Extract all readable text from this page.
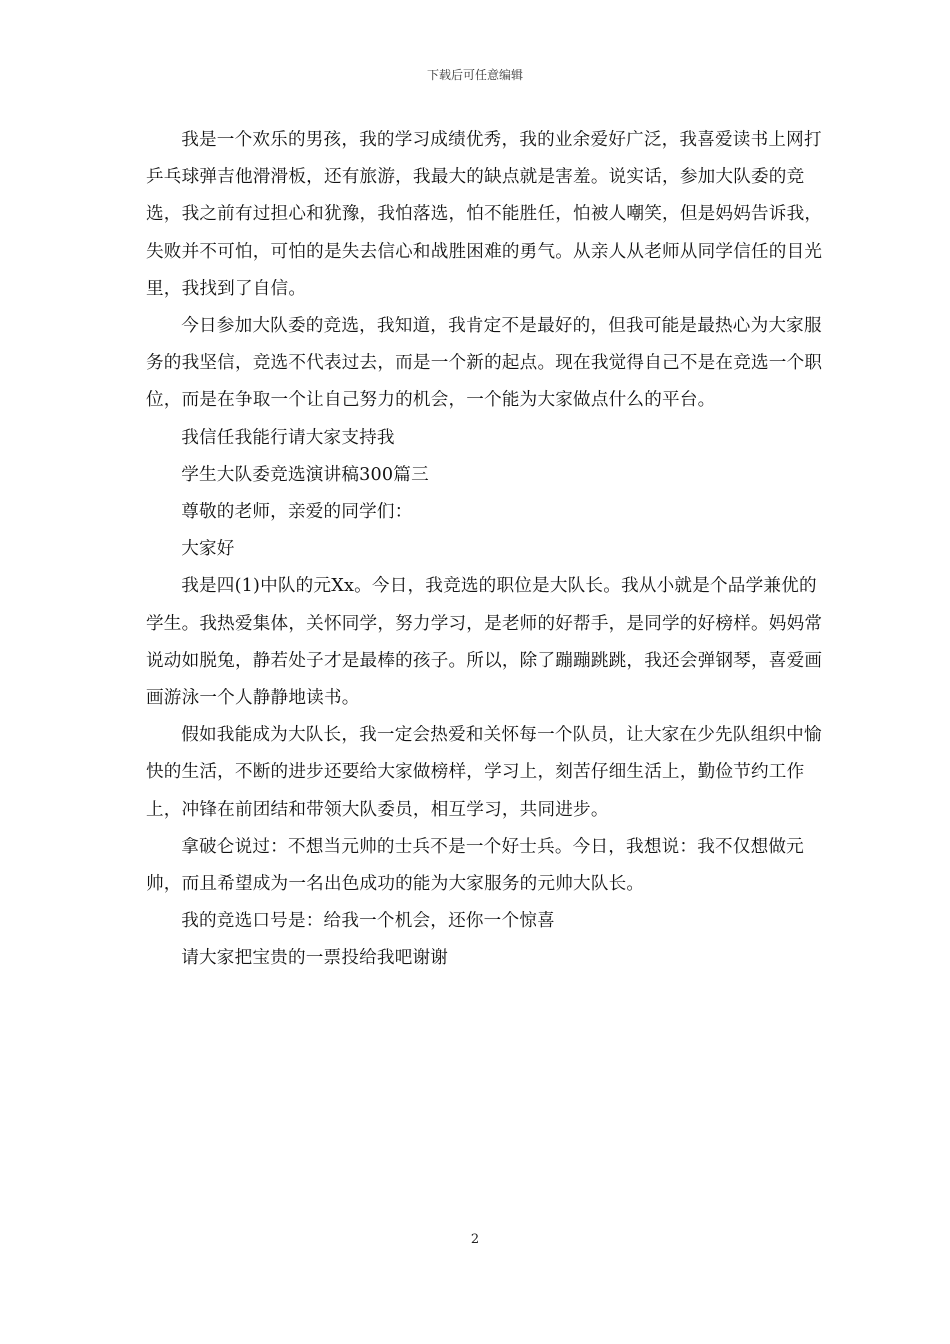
下载后可任意编辑

我是一个欢乐的男孩，我的学习成绩优秀，我的业余爱好广泛，我喜爱读书上网打乒乓球弹吉他滑滑板，还有旅游，我最大的缺点就是害羞。说实话，参加大队委的竞选，我之前有过担心和犹豫，我怕落选，怕不能胜任，怕被人嘲笑，但是妈妈告诉我，失败并不可怕，可怕的是失去信心和战胜困难的勇气。从亲人从老师从同学信任的目光里，我找到了自信。

今日参加大队委的竞选，我知道，我肯定不是最好的，但我可能是最热心为大家服务的我坚信，竞选不代表过去，而是一个新的起点。现在我觉得自己不是在竞选一个职位，而是在争取一个让自己努力的机会，一个能为大家做点什么的平台。

我信任我能行请大家支持我

学生大队委竞选演讲稿300篇三

尊敬的老师，亲爱的同学们：

大家好

我是四(1)中队的元Xx。今日，我竞选的职位是大队长。我从小就是个品学兼优的学生。我热爱集体，关怀同学，努力学习，是老师的好帮手，是同学的好榜样。妈妈常说动如脱兔，静若处子才是最棒的孩子。所以，除了蹦蹦跳跳，我还会弹钢琴，喜爱画画游泳一个人静静地读书。

假如我能成为大队长，我一定会热爱和关怀每一个队员，让大家在少先队组织中愉快的生活，不断的进步还要给大家做榜样，学习上，刻苦仔细生活上，勤俭节约工作上，冲锋在前团结和带领大队委员，相互学习，共同进步。

拿破仑说过：不想当元帅的士兵不是一个好士兵。今日，我想说：我不仅想做元帅，而且希望成为一名出色成功的能为大家服务的元帅大队长。

我的竞选口号是：给我一个机会，还你一个惊喜

请大家把宝贵的一票投给我吧谢谢

2
